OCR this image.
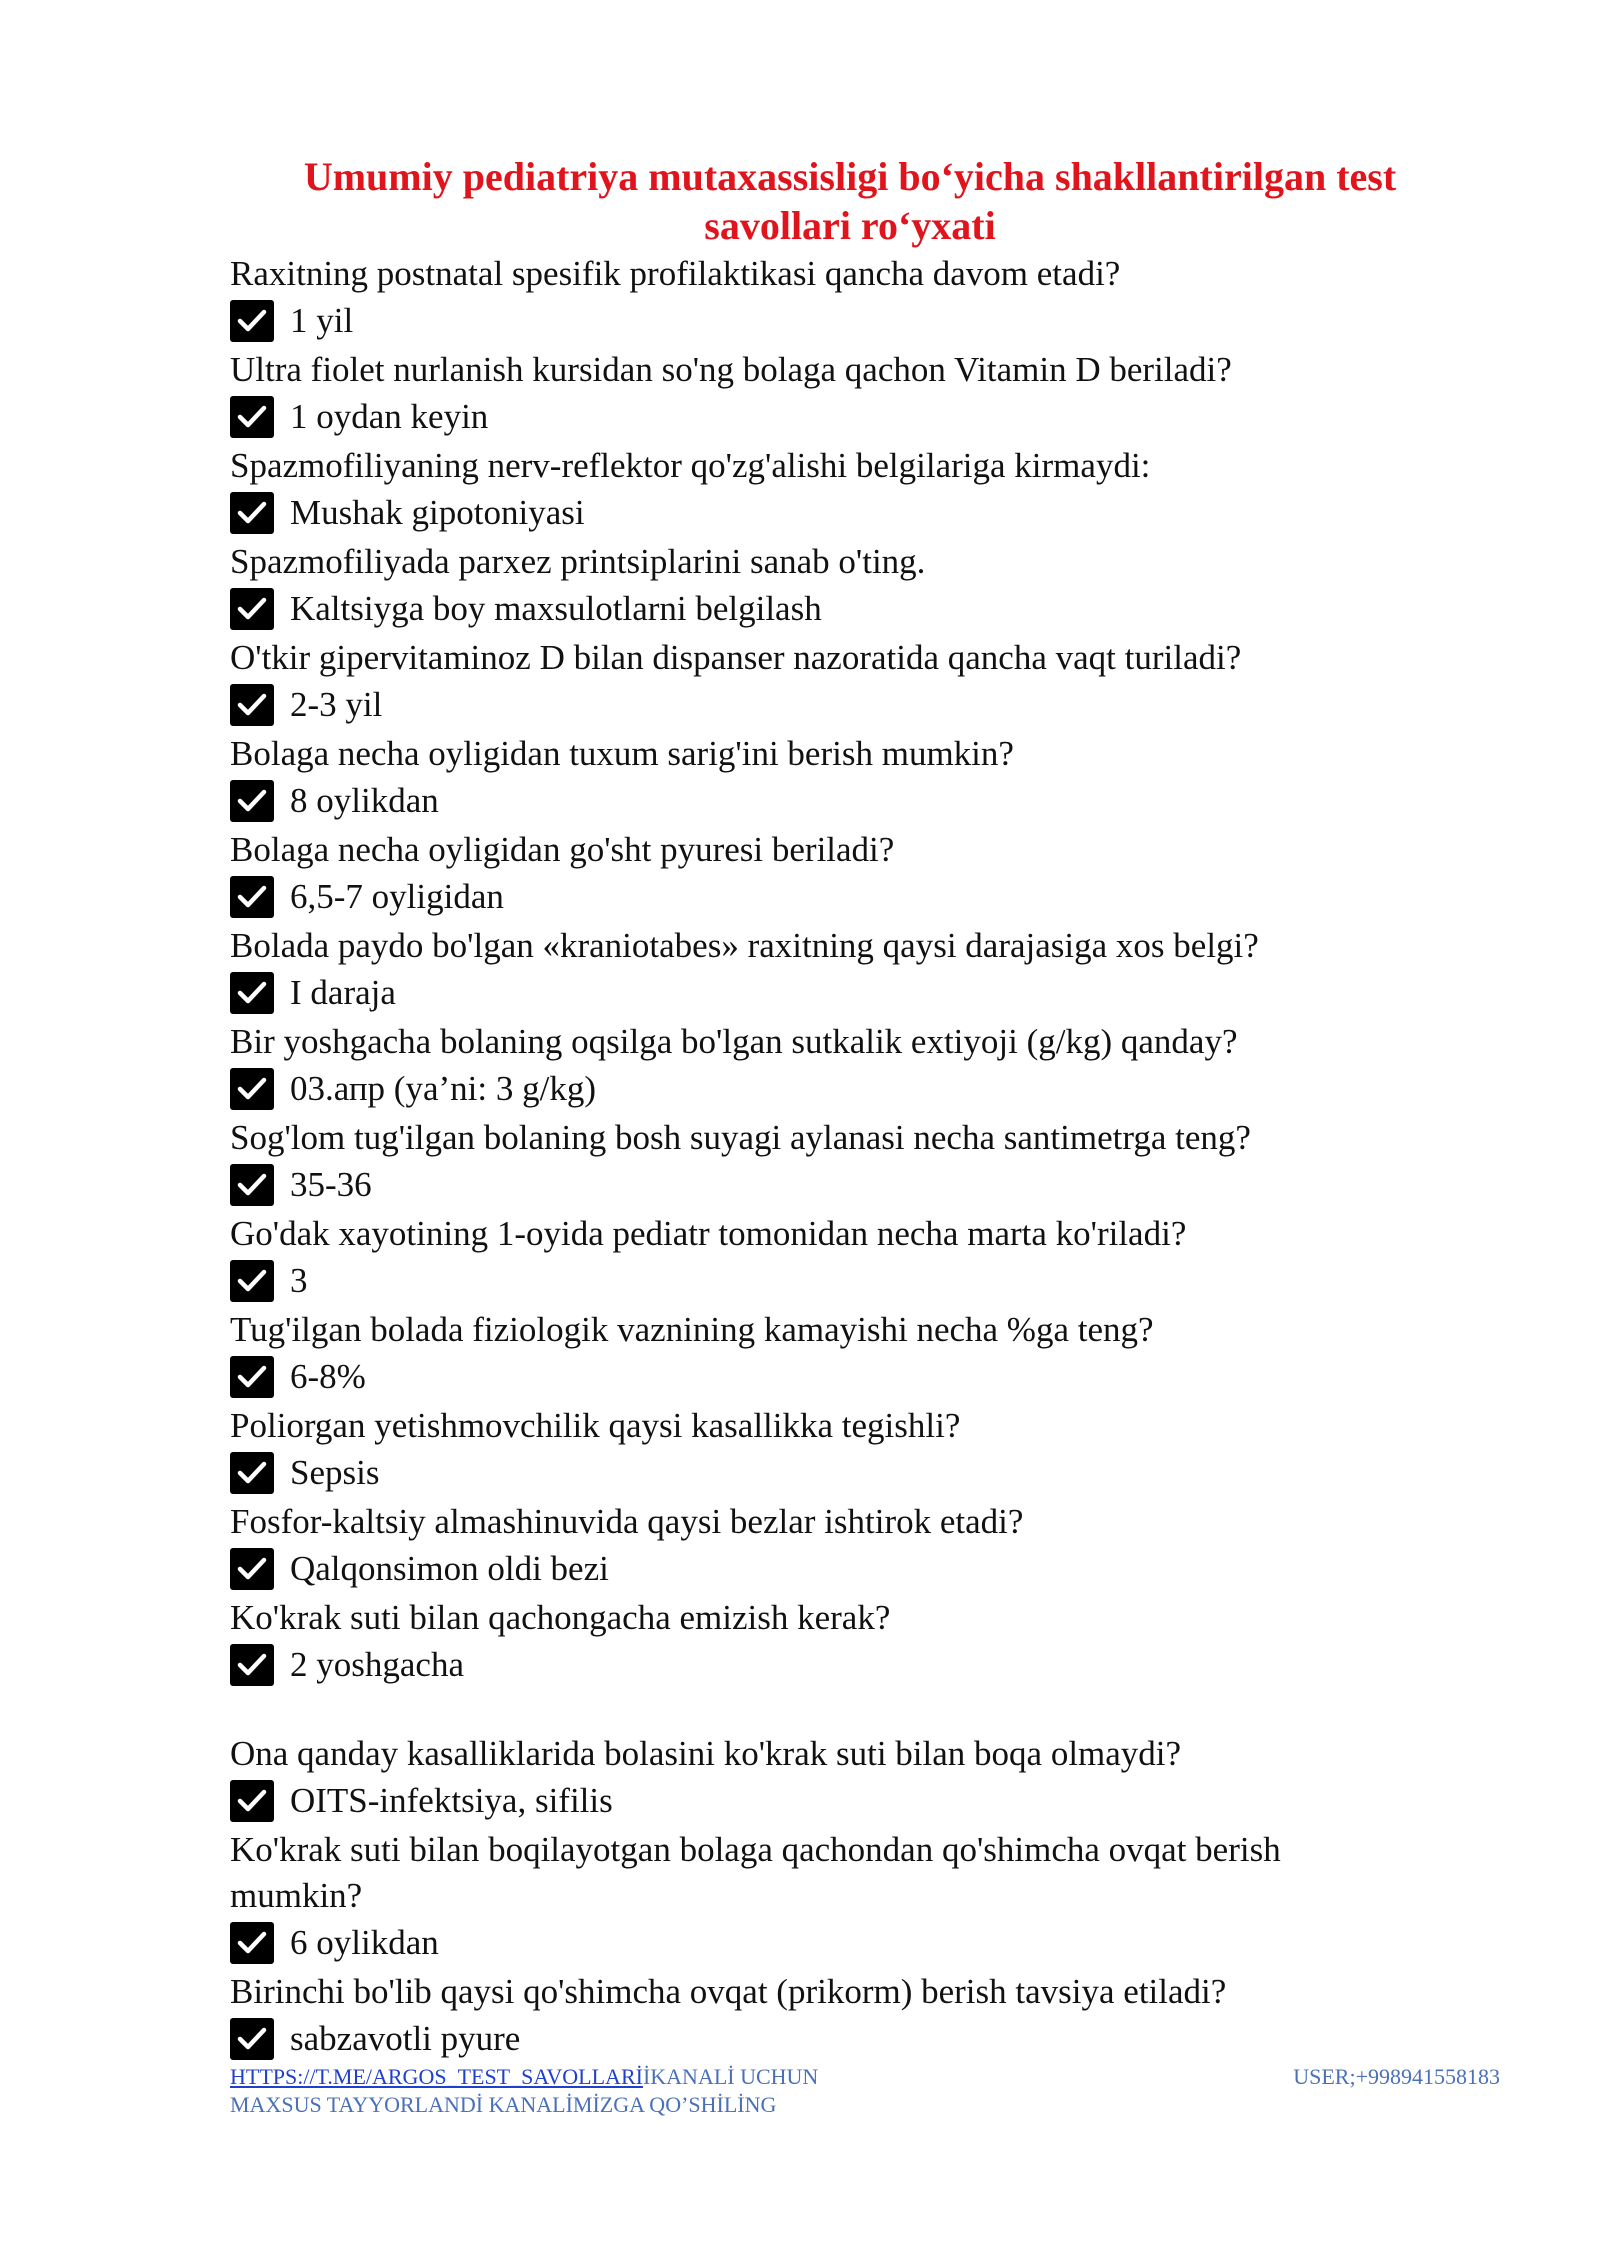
Umumiy pediatriya mutaxassisligi bo‘yicha shakllantirilgan test savollari ro‘yxati

Raxitning postnatal spesifik profilaktikasi qancha davom etadi?

1 yil

Ultra fiolet nurlanish kursidan so'ng bolaga qachon Vitamin D beriladi?

1 oydan keyin

Spazmofiliyaning nerv-reflektor qo'zg'alishi belgilariga kirmaydi:

Mushak gipotoniyasi

Spazmofiliyada parxez printsiplarini sanab o'ting.

Kaltsiyga boy maxsulotlarni belgilash

O'tkir gipervitaminoz D bilan dispanser nazoratida qancha vaqt turiladi?

2-3 yil

Bolaga necha oyligidan tuxum sarig'ini berish mumkin?

8 oylikdan

Bolaga necha oyligidan go'sht pyuresi beriladi?

6,5-7 oyligidan

Bolada paydo bo'lgan «kraniotabes» raxitning qaysi darajasiga xos belgi?

I daraja

Bir yoshgacha bolaning oqsilga bo'lgan sutkalik extiyoji (g/kg) qanday?

03.апр (ya’ni: 3 g/kg)

Sog'lom tug'ilgan bolaning bosh suyagi aylanasi necha santimetrga teng?

35-36

Go'dak xayotining 1-oyida pediatr tomonidan necha marta ko'riladi?

3

Tug'ilgan bolada fiziologik vaznining kamayishi necha %ga teng?

6-8%

Poliorgan yetishmovchilik qaysi kasallikka tegishli?

Sepsis

Fosfor-kaltsiy almashinuvida qaysi bezlar ishtirok etadi?

Qalqonsimon oldi bezi

Ko'krak suti bilan qachongacha emizish kerak?

2 yoshgacha

Ona qanday kasalliklarida bolasini ko'krak suti bilan boqa olmaydi?

OITS-infektsiya, sifilis

Ko'krak suti bilan boqilayotgan bolaga qachondan qo'shimcha ovqat berish mumkin?

6 oylikdan

Birinchi bo'lib qaysi qo'shimcha ovqat (prikorm) berish tavsiya etiladi?

sabzavotli pyure
HTTPS://T.ME/ARGOS_TEST_SAVOLLARİİKANALİ UCHUN MAXSUS TAYYORLANDİ KANALİMİZGA QO’SHİLİNG
USER;+998941558183
